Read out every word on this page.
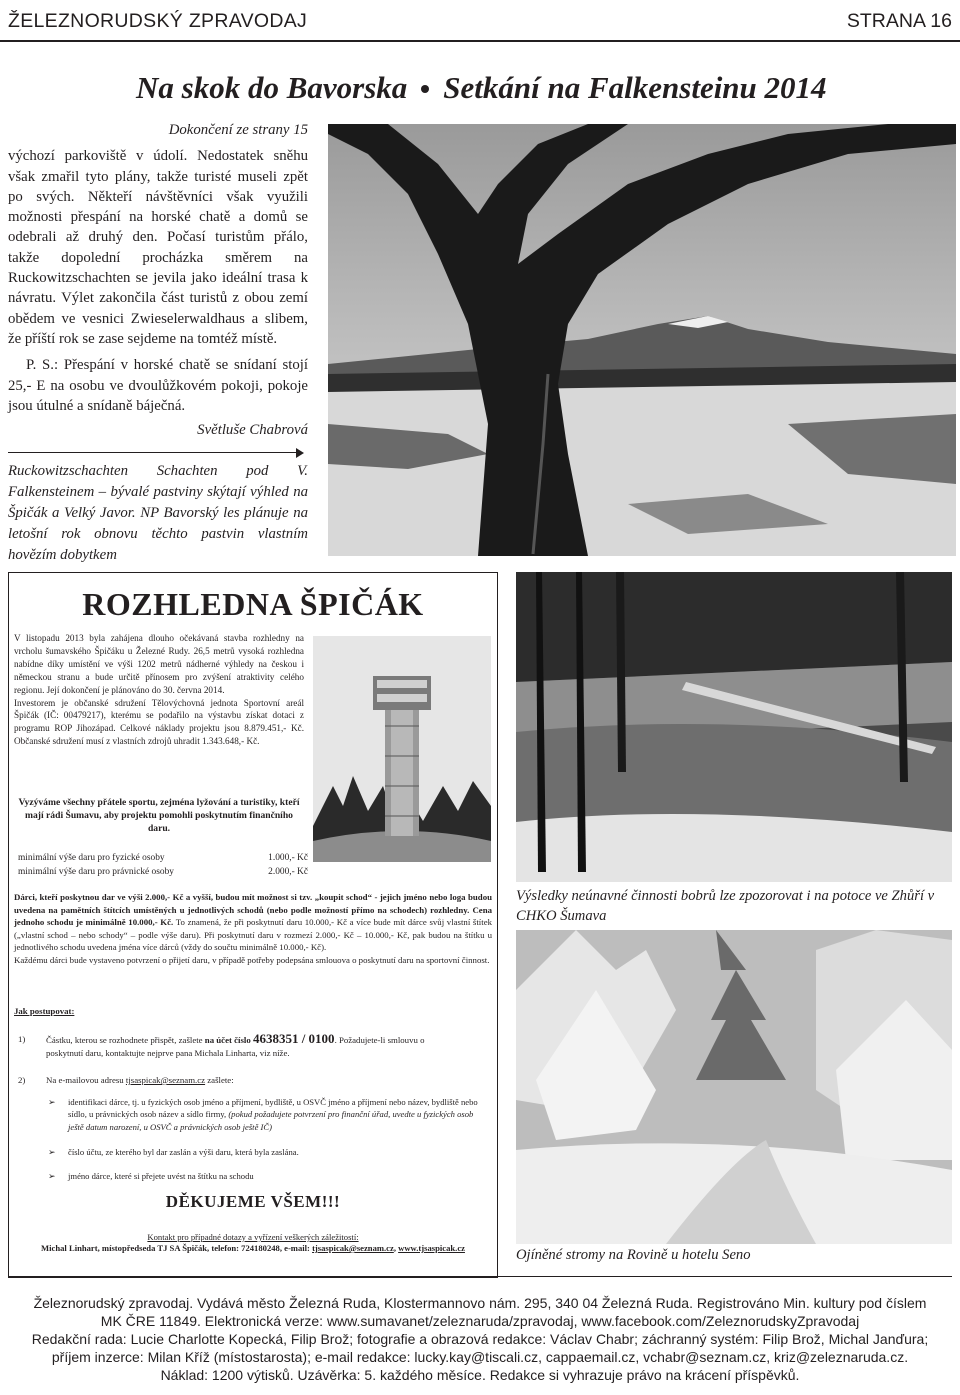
ŽELEZNORUDSKÝ ZPRAVODAJ	STRANA 16
Na skok do Bavorska Setkání na Falkensteinu 2014

Dokončení ze strany 15

výchozí parkoviště v údolí. Nedostatek sněhu však zmařil tyto plány, takže turisté museli zpět po svých. Někteří návštěvníci však využili možnosti přespání na horské chatě a domů se odebrali až druhý den. Počasí turistům přálo, takže dopolední procházka směrem na Ruckowitzschachten se jevila jako ideální trasa k návratu. Výlet zakončila část turistů z obou zemí obědem ve vesnici Zwieselerwaldhaus a slibem, že příští rok se zase sejdeme na tomtéž místě.

P. S.: Přespání v horské chatě se snídaní stojí 25,- E na osobu ve dvoulůžkovém pokoji, pokoje jsou útulné a snídaně báječná.

Světluše Chabrová

Ruckowitzschachten Schachten pod V. Falkensteinem – bývalé pastviny skýtají výhled na Špičák a Velký Javor. NP Bavorský les plánuje na letošní rok obnovu těchto pastvin vlastním hovězím dobytkem
ROZHLEDNA ŠPIČÁK

V listopadu 2013 byla zahájena dlouho očekávaná stavba rozhledny na vrcholu šumavského Špičáku u Železné Rudy. 26,5 metrů vysoká rozhledna nabídne díky umístění ve výši 1202 metrů nádherné výhledy na českou i německou stranu a bude určitě přínosem pro zvýšení atraktivity celého regionu. Její dokončení je plánováno do 30. června 2014.

Investorem je občanské sdružení Tělovýchovná jednota Sportovní areál Špičák (IČ: 00479217), kterému se podařilo na výstavbu získat dotaci z programu ROP Jihozápad. Celkové náklady projektu jsou 8.879.451,- Kč. Občanské sdružení musí z vlastních zdrojů uhradit 1.343.648,- Kč.

Vyzýváme všechny přátele sportu, zejména lyžování a turistiky, kteří mají rádi Šumavu, aby projektu pomohli poskytnutím finančního daru.
minimální výše daru pro fyzické osoby	1.000,- Kč
minimální výše daru pro právnické osoby	2.000,- Kč

Dárci, kteří poskytnou dar ve výši 2.000,- Kč a vyšší, budou mít možnost si tzv. „koupit schod“ - jejich jméno nebo loga budou uvedena na pamětních štítcích umístěných u jednotlivých schodů (nebo podle možností přímo na schodech) rozhledny. Cena jednoho schodu je minimálně 10.000,- Kč. To znamená, že při poskytnutí daru 10.000,- Kč a více bude mít dárce svůj vlastní štítek („vlastní schod – nebo schody“ – podle výše daru). Při poskytnutí daru v rozmezí 2.000,- Kč – 10.000,- Kč, pak budou na štítku u jednotlivého schodu uvedena jména více dárců (vždy do součtu minimálně 10.000,- Kč).

Každému dárci bude vystaveno potvrzení o přijetí daru, v případě potřeby podepsána smlouova o poskytnutí daru na sportovní činnost.

Jak postupovat:
1) Částku, kterou se rozhodnete přispět, zašlete na účet číslo 4638351 / 0100. Požadujete-li smlouvu o poskytnutí daru, kontaktujte nejprve pana Michala Linharta, viz níže.
2) Na e-mailovou adresu tjsaspicak@seznam.cz zašlete:
➢ identifikaci dárce, tj. u fyzických osob jméno a příjmení, bydliště, u OSVČ jméno a příjmení nebo název, bydliště nebo sídlo, u právnických osob název a sídlo firmy, (pokud požadujete potvrzení pro finanční úřad, uvedte u fyzických osob ještě datum narození, u OSVČ a právnických osob ještě IČ)
➢ číslo účtu, ze kterého byl dar zaslán a výši daru, která byla zaslána.
➢ jméno dárce, které si přejete uvést na štítku na schodu
DĚKUJEME VŠEM!!!
Kontakt pro případné dotazy a vyřízení veškerých záležitostí:
Michal Linhart, místopředseda TJ SA Špičák, telefon: 724180248, e-mail: tjsaspicak@seznam.cz, www.tjsaspicak.cz
Výsledky neúnavné činnosti bobrů lze zpozorovat i na potoce ve Zhůří v CHKO Šumava
Ojíněné stromy na Rovině u hotelu Seno
Železnorudský zpravodaj. Vydává město Železná Ruda, Klostermannovo nám. 295, 340 04 Železná Ruda. Registrováno Min. kultury pod číslem
MK ČRE 11849. Elektronická verze: www.sumavanet/zeleznaruda/zpravodaj, www.facebook.com/ZeleznorudskyZpravodaj
Redakční rada: Lucie Charlotte Kopecká, Filip Brož; fotografie a obrazová redakce: Václav Chabr; záchranný systém: Filip Brož, Michal Janďura;
příjem inzerce: Milan Kříž (místostarosta); e-mail redakce: lucky.kay@tiscali.cz, cappaemail.cz, vchabr@seznam.cz, kriz@zeleznaruda.cz.
Náklad: 1200 výtisků. Uzávěrka: 5. každého měsíce. Redakce si vyhrazuje právo na krácení příspěvků.
